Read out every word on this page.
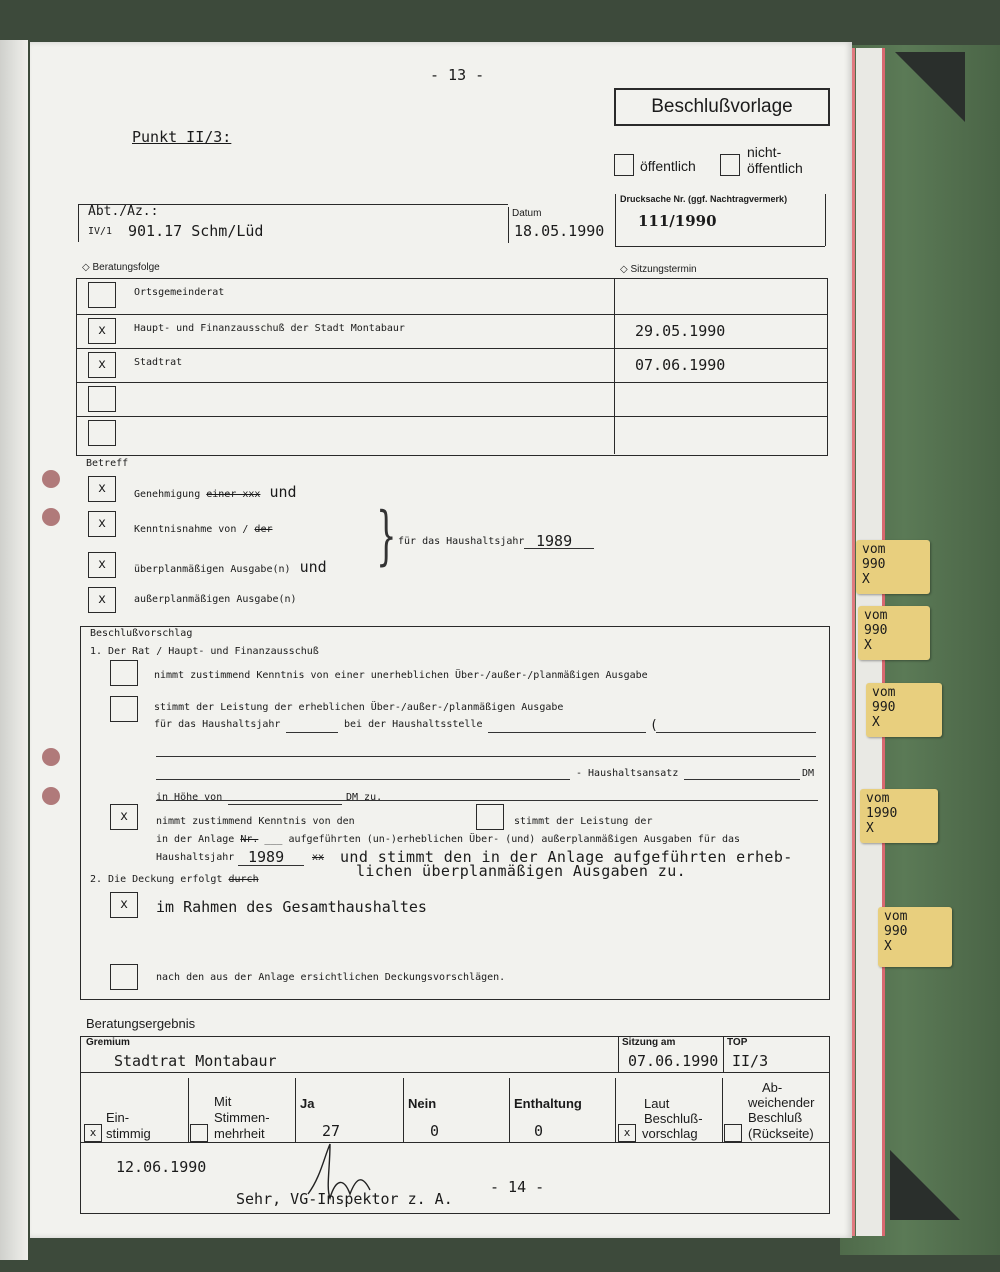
vom
990
X
vom
990
X
vom
990
X
vom
1990
X
vom
990
X
- 13 -
Beschlußvorlage
Punkt II/3:
öffentlich
nicht-
öffentlich
Abt./Az.:
IV/1 901.17 Schm/Lüd
Datum
18.05.1990
Drucksache Nr. (ggf. Nachtragvermerk)
111/1990
◇ Beratungsfolge	◇ Sitzungstermin
Ortsgemeinderat
x	Haupt- und Finanzausschuß der Stadt Montabaur	29.05.1990
x	Stadtrat	07.06.1990
Betreff
x	Genehmigung einer xxx und
x	Kenntnisnahme von / der
x	überplanmäßigen Ausgabe(n) und
x	außerplanmäßigen Ausgabe(n)
} für das Haushaltsjahr 1989
Beschlußvorschlag
1. Der Rat / Haupt- und Finanzausschuß
nimmt zustimmend Kenntnis von einer unerheblichen Über-/außer-/planmäßigen Ausgabe
stimmt der Leistung der erheblichen Über-/außer-/planmäßigen Ausgabe
für das Haushaltsjahr	bei der Haushaltsstelle	(
- Haushaltsansatz	DM
in Höhe von	DM zu.
x	nimmt zustimmend Kenntnis von den	stimmt der Leistung der
in der Anlage Nr. ___ aufgeführten (un-)erheblichen Über- (und) außerplanmäßigen Ausgaben für das
Haushaltsjahr 1989	xx und stimmt den in der Anlage aufgeführten erheb-
lichen überplanmäßigen Ausgaben zu.
2. Die Deckung erfolgt durch
x	im Rahmen des Gesamthaushaltes
nach den aus der Anlage ersichtlichen Deckungsvorschlägen.
Beratungsergebnis
Gremium
Stadtrat Montabaur
Sitzung am
07.06.1990
TOP
II/3
Ein-
x stimmig
Mit
Stimmen-
mehrheit
Ja
27
Nein
0
Enthaltung
0
Laut
Beschluß-
x vorschlag
Ab-
weichender
Beschluß
(Rückseite)
12.06.1990
- 14 -
Sehr, VG-Inspektor z. A.
